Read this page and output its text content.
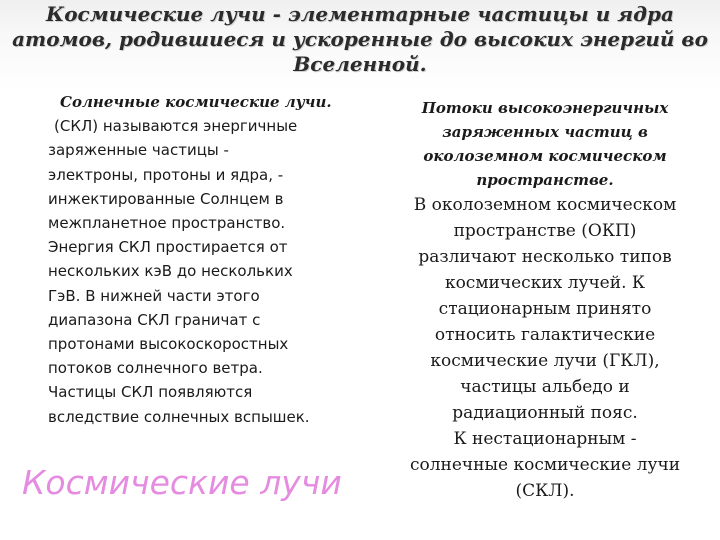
Космические лучи - элементарные частицы и ядра
атомов, родившиеся и ускоренные до высоких энергий во
Вселенной.
Солнечные космические лучи.
(СКЛ) называются энергичные
заряженные частицы -
электроны, протоны и ядра, -
инжектированные Солнцем в
межпланетное пространство.
Энергия СКЛ простирается от
нескольких кэВ до нескольких
ГэВ. В нижней части этого
диапазона СКЛ граничат с
протонами высокоскоростных
потоков солнечного ветра.
Частицы СКЛ появляются
вследствие солнечных вспышек.
Потоки высокоэнергичных
заряженных частиц в
околоземном космическом
пространстве.
В околоземном космическом
пространстве (ОКП)
различают несколько типов
космических лучей. К
стационарным принято
относить галактические
космические лучи (ГКЛ),
частицы альбедо и
радиационный пояс.
К нестационарным -
солнечные космические лучи
(СКЛ).
Космические лучи
